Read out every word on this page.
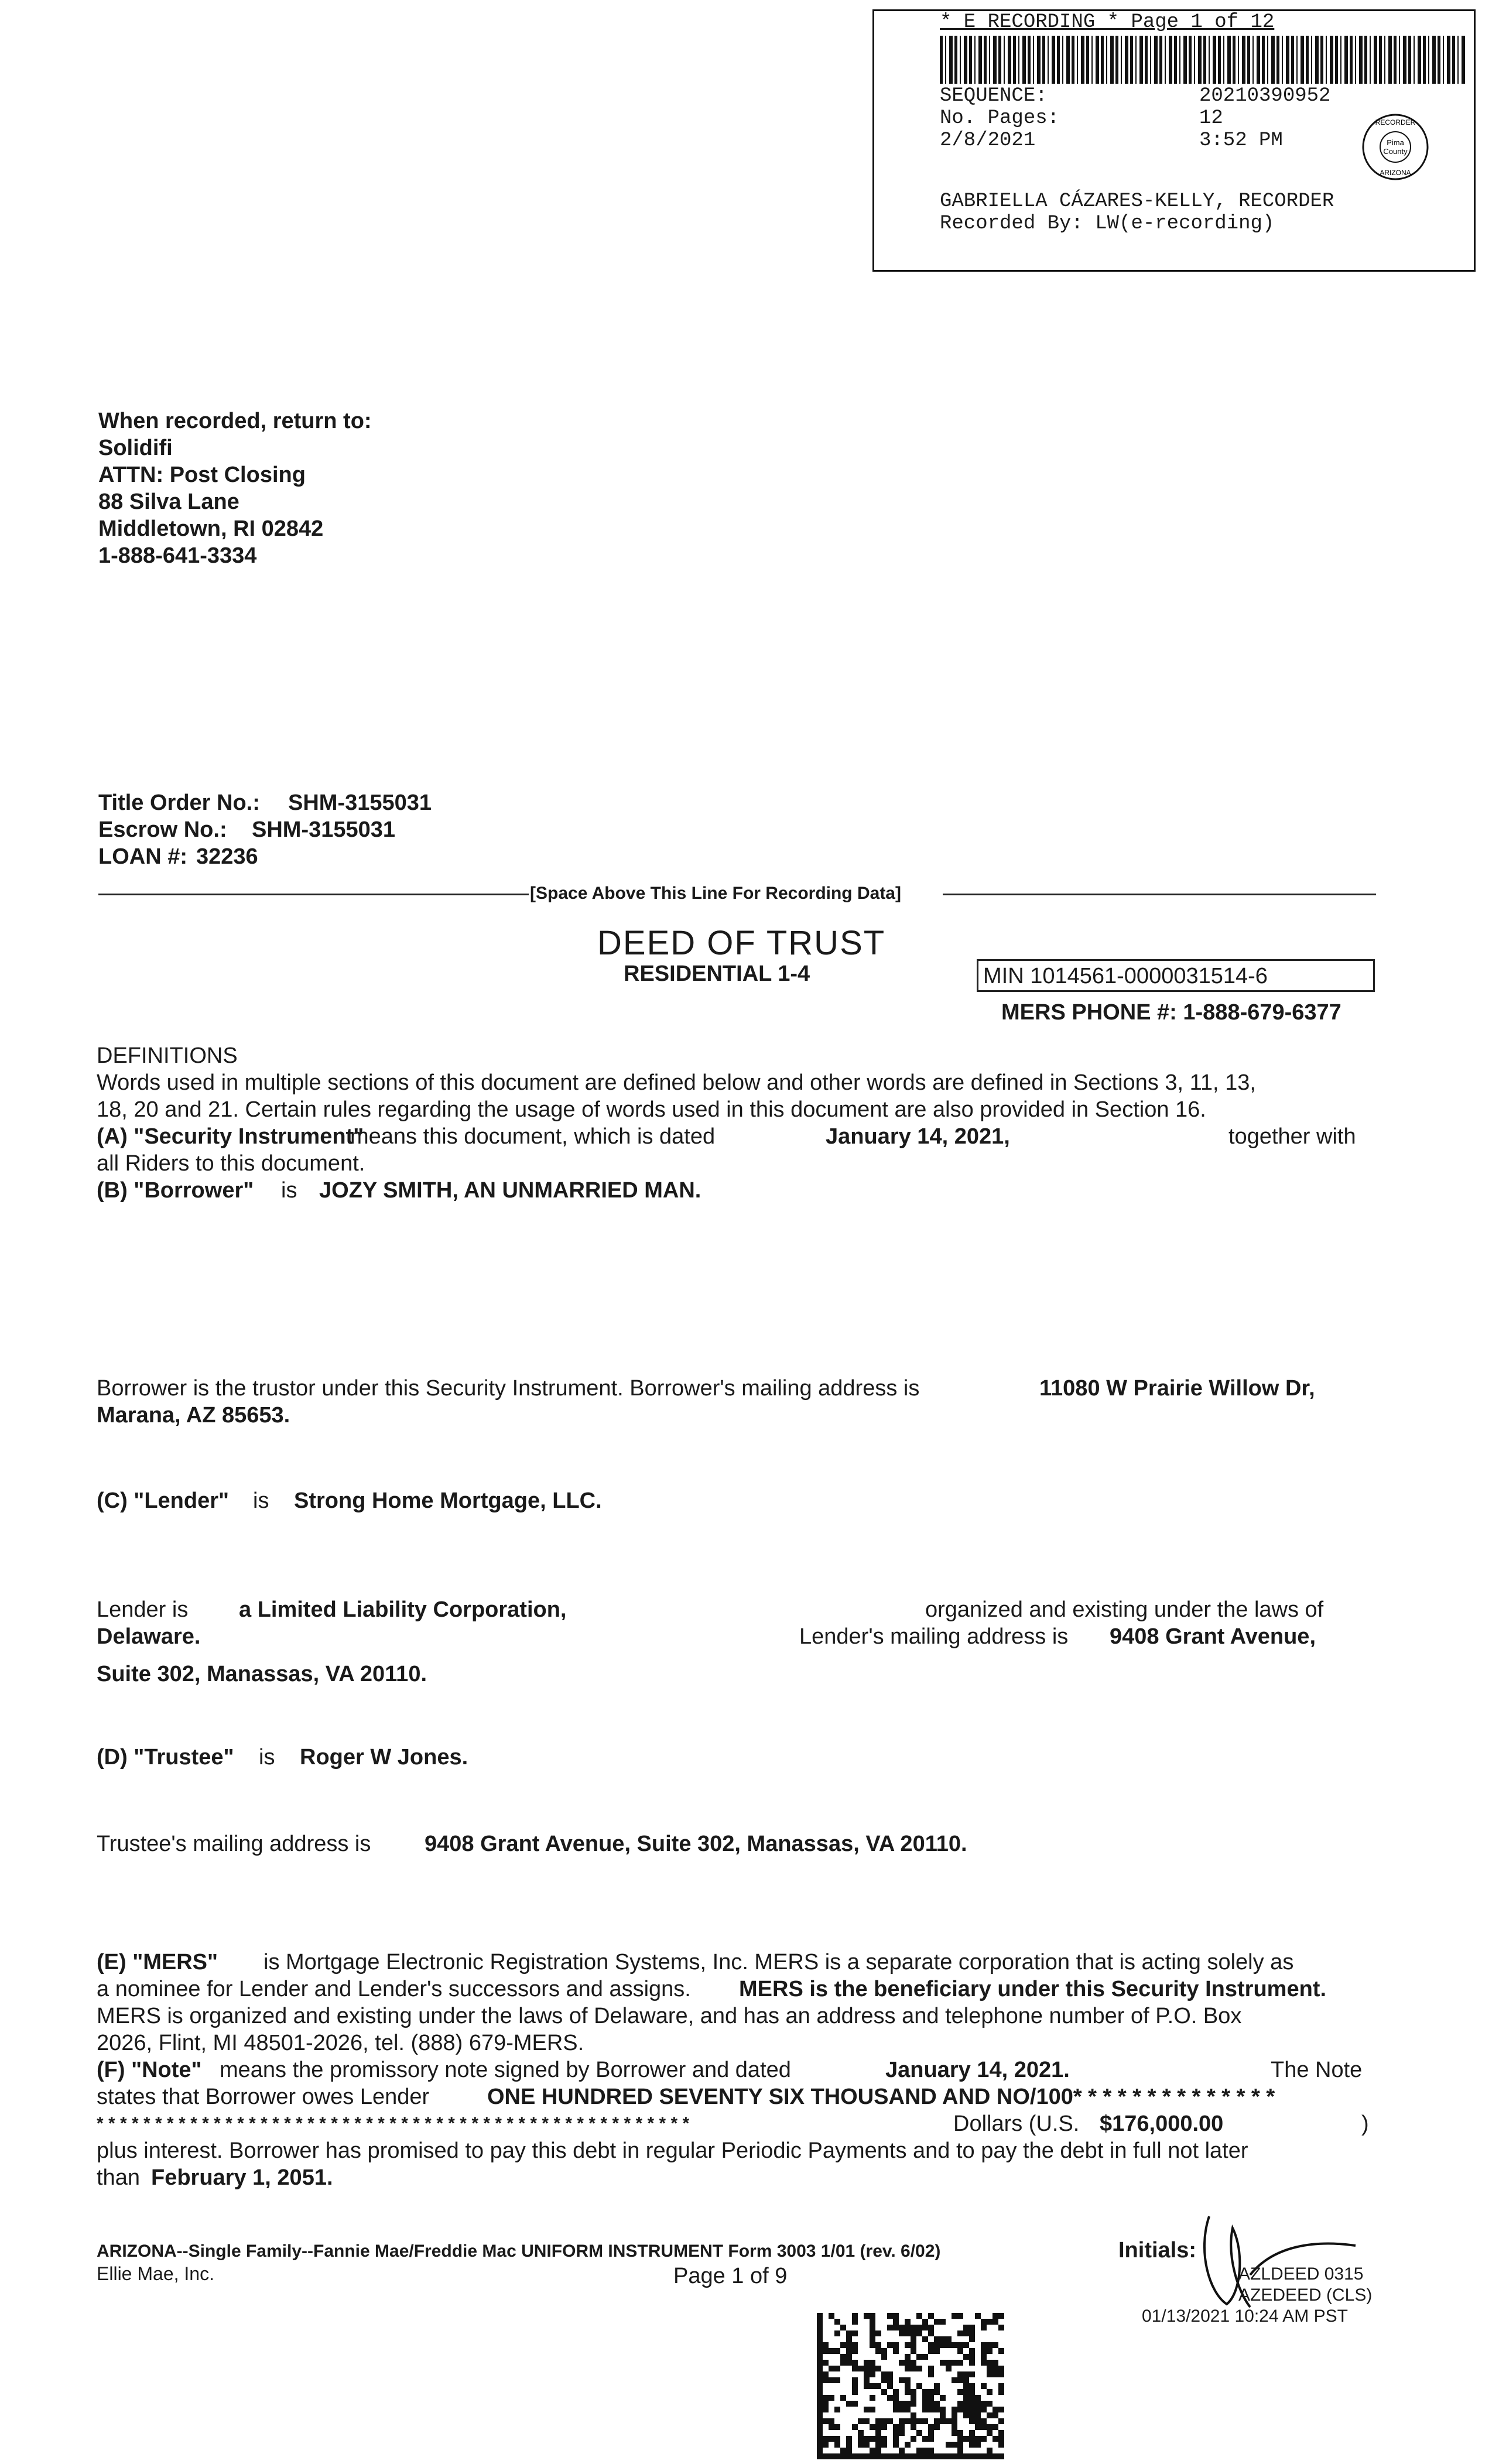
* E RECORDING * Page 1 of 12
SEQUENCE:	20210390952
No. Pages:	12
2/8/2021	3:52 PM	Pima
County
RECORDER
ARIZONA
GABRIELLA CÁZARES-KELLY, RECORDER
Recorded By: LW(e-recording)
When recorded, return to:
Solidifi
ATTN: Post Closing
88 Silva Lane
Middletown, RI 02842
1-888-641-3334
Title Order No.: SHM-3155031
Escrow No.: SHM-3155031
LOAN #: 32236
[Space Above This Line For Recording Data]
DEED OF TRUST
RESIDENTIAL 1-4	MIN 1014561-0000031514-6
MERS PHONE #: 1-888-679-6377
DEFINITIONS
Words used in multiple sections of this document are defined below and other words are defined in Sections 3, 11, 13,
18, 20 and 21. Certain rules regarding the usage of words used in this document are also provided in Section 16.
(A) "Security Instrument"
means this document, which is dated	January 14, 2021,	together with
all Riders to this document.
(B) "Borrower" is JOZY SMITH, AN UNMARRIED MAN.
Borrower is the trustor under this Security Instrument. Borrower's mailing address is	11080 W Prairie Willow Dr,
Marana, AZ 85653.
(C) "Lender" is Strong Home Mortgage, LLC.
Lender is a Limited Liability Corporation,	organized and existing under the laws of
Delaware.	Lender's mailing address is 9408 Grant Avenue,
Suite 302, Manassas, VA 20110.
(D) "Trustee" is Roger W Jones.
Trustee's mailing address is 9408 Grant Avenue, Suite 302, Manassas, VA 20110.
(E) "MERS" is Mortgage Electronic Registration Systems, Inc. MERS is a separate corporation that is acting solely as
a nominee for Lender and Lender's successors and assigns. MERS is the beneficiary under this Security Instrument.
MERS is organized and existing under the laws of Delaware, and has an address and telephone number of P.O. Box
2026, Flint, MI 48501-2026, tel. (888) 679-MERS.
(F) "Note" means the promissory note signed by Borrower and dated	January 14, 2021.	The Note
states that Borrower owes Lender	ONE HUNDRED SEVENTY SIX THOUSAND AND NO/100* * * * * * * * * * * * * *
* * * * * * * * * * * * * * * * * * * * * * * * * * * * * * * * * * * * * * * * * * * * * * * * * * *	Dollars (U.S. $176,000.00	)
plus interest. Borrower has promised to pay this debt in regular Periodic Payments and to pay the debt in full not later
than February 1, 2051.
ARIZONA--Single Family--Fannie Mae/Freddie Mac UNIFORM INSTRUMENT Form 3003 1/01 (rev. 6/02)
Ellie Mae, Inc.	Page 1 of 9
Initials:
AZLDEED 0315
AZEDEED (CLS)
01/13/2021 10:24 AM PST
